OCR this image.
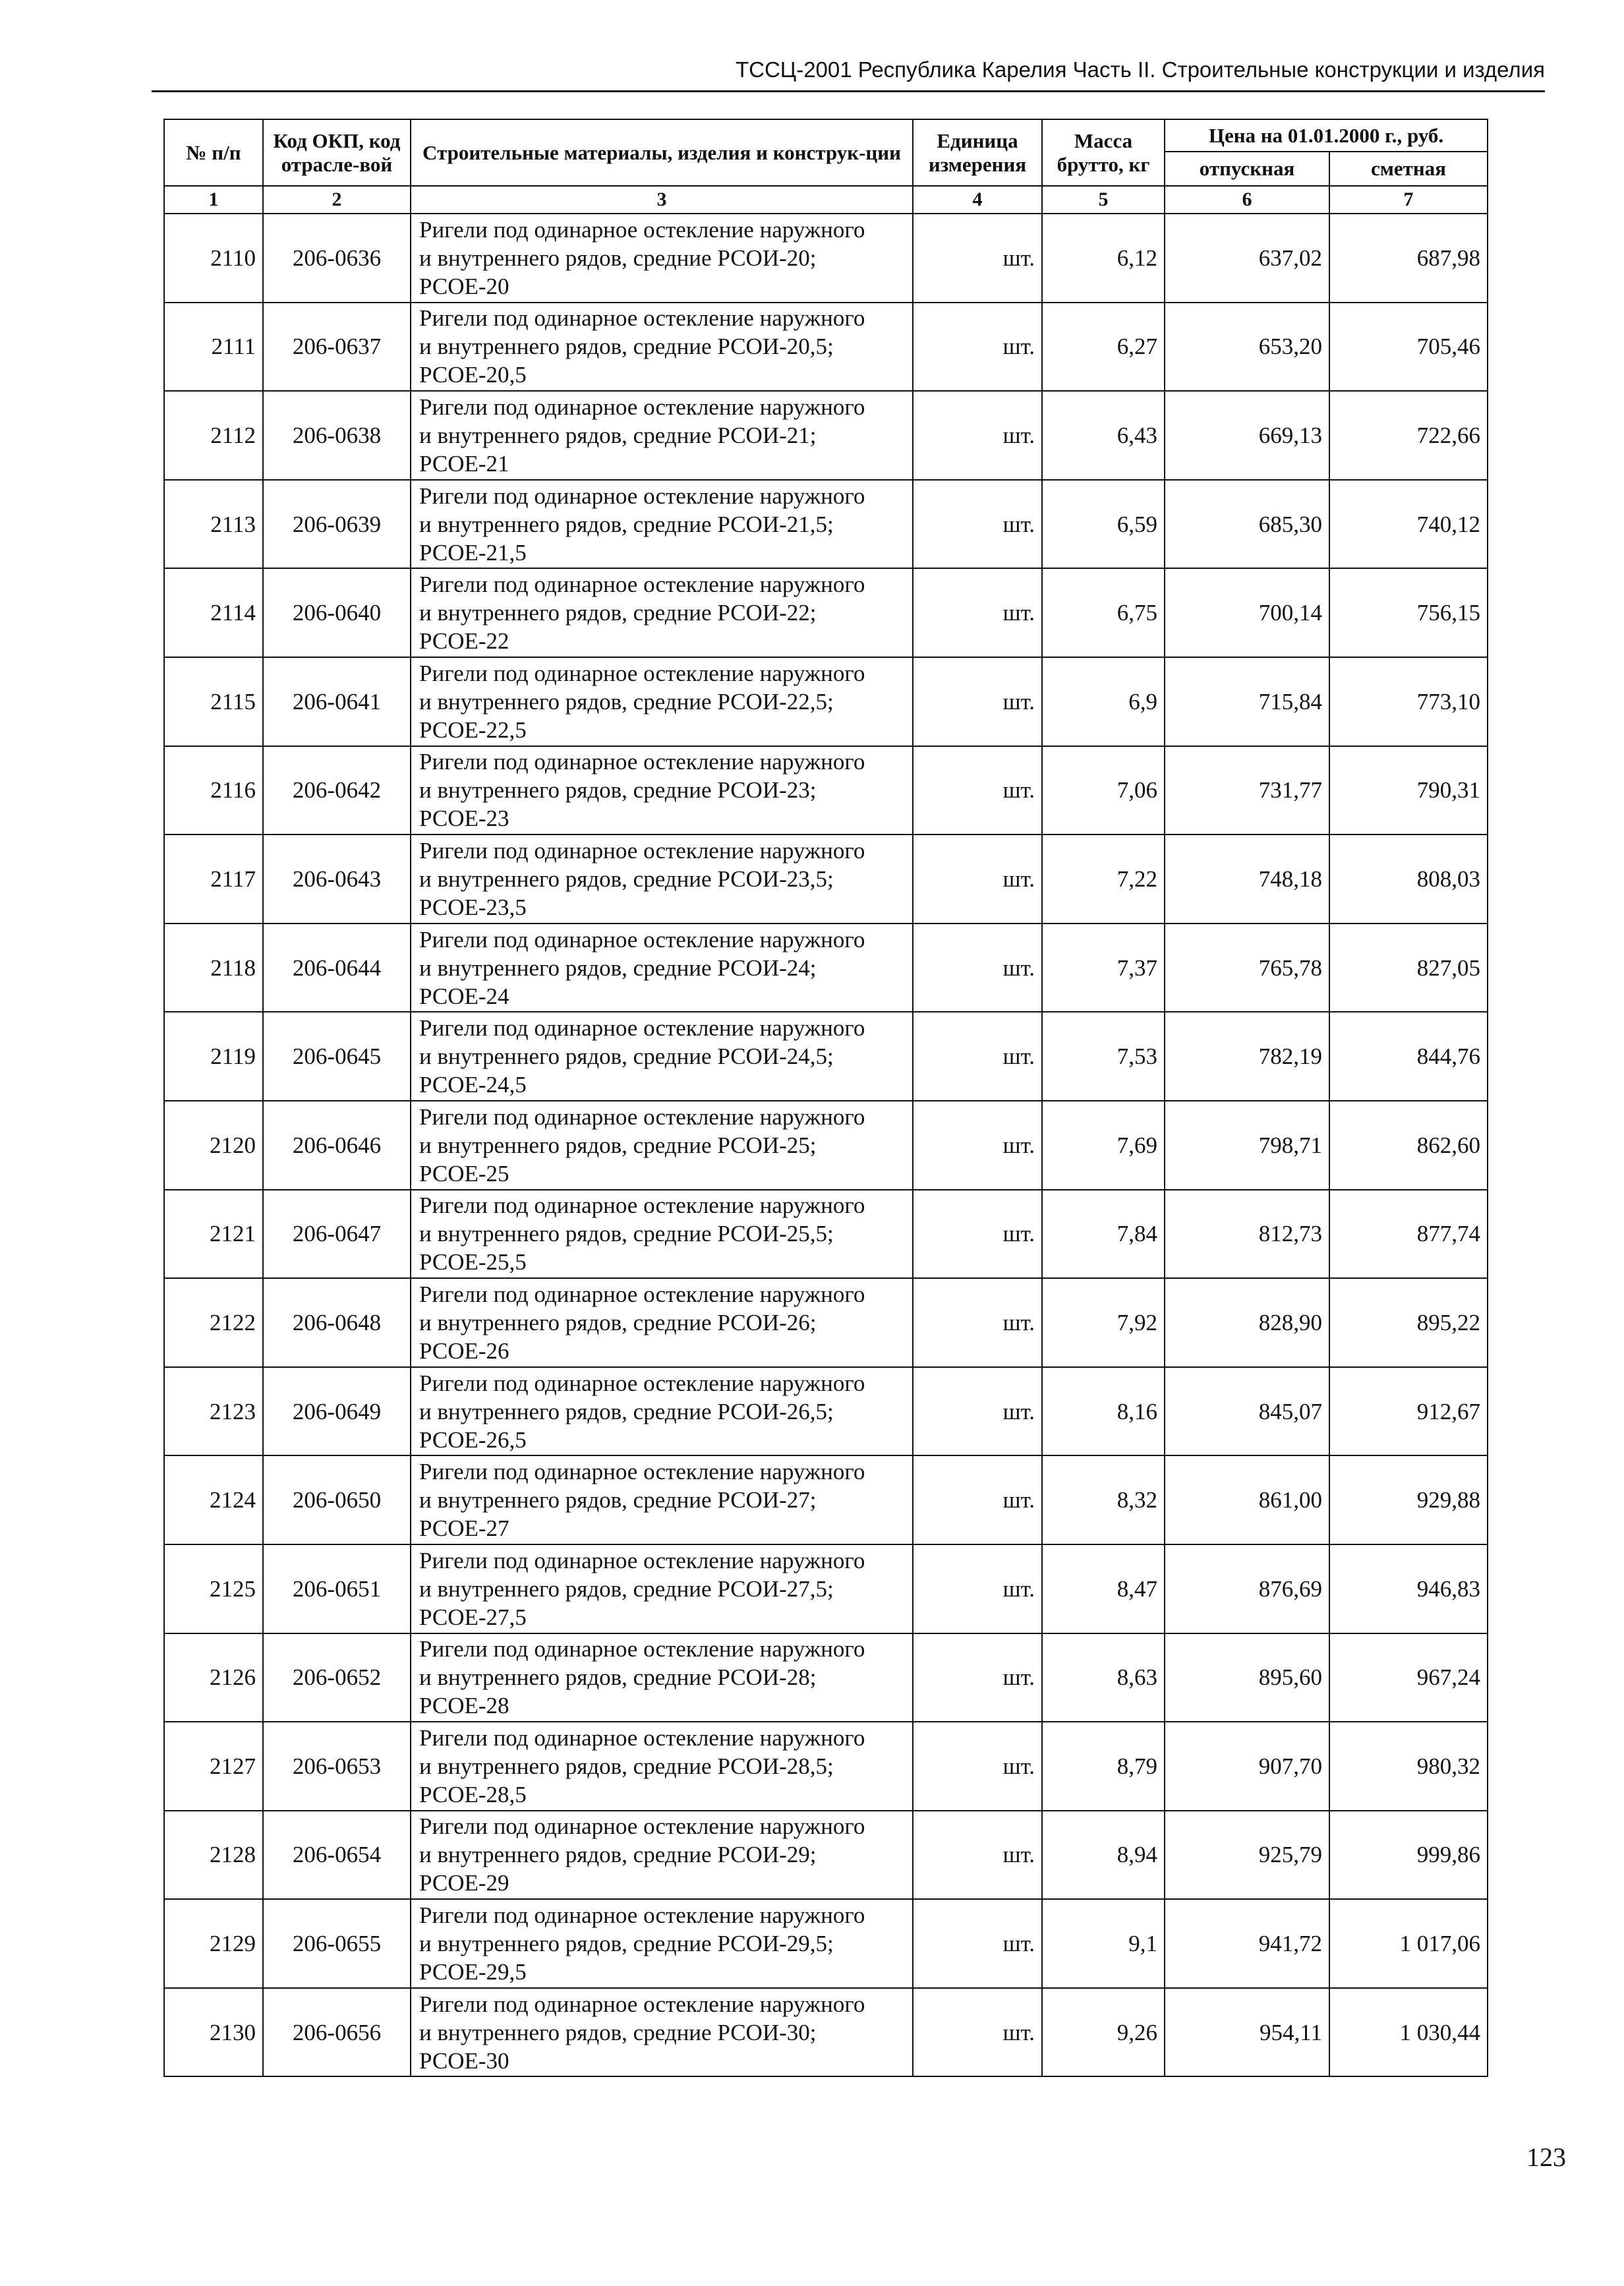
ТССЦ-2001 Республика Карелия Часть II. Строительные конструкции и изделия
№ п/п	Код ОКП, код отрасле-вой	Строительные материалы, изделия и конструк-ции	Единица измерения	Масса брутто, кг	Цена на 01.01.2000 г., руб.	
					отпускная	сметная
1	2	3	4	5	6	7
2110	206-0636	Ригели под одинарное остекление наружного
и внутреннего рядов, средние РСОИ-20;
РСОЕ-20	шт.	6,12	637,02	687,98
2111	206-0637	Ригели под одинарное остекление наружного
и внутреннего рядов, средние РСОИ-20,5;
РСОЕ-20,5	шт.	6,27	653,20	705,46
2112	206-0638	Ригели под одинарное остекление наружного
и внутреннего рядов, средние РСОИ-21;
РСОЕ-21	шт.	6,43	669,13	722,66
2113	206-0639	Ригели под одинарное остекление наружного
и внутреннего рядов, средние РСОИ-21,5;
РСОЕ-21,5	шт.	6,59	685,30	740,12
2114	206-0640	Ригели под одинарное остекление наружного
и внутреннего рядов, средние РСОИ-22;
РСОЕ-22	шт.	6,75	700,14	756,15
2115	206-0641	Ригели под одинарное остекление наружного
и внутреннего рядов, средние РСОИ-22,5;
РСОЕ-22,5	шт.	6,9	715,84	773,10
2116	206-0642	Ригели под одинарное остекление наружного
и внутреннего рядов, средние РСОИ-23;
РСОЕ-23	шт.	7,06	731,77	790,31
2117	206-0643	Ригели под одинарное остекление наружного
и внутреннего рядов, средние РСОИ-23,5;
РСОЕ-23,5	шт.	7,22	748,18	808,03
2118	206-0644	Ригели под одинарное остекление наружного
и внутреннего рядов, средние РСОИ-24;
РСОЕ-24	шт.	7,37	765,78	827,05
2119	206-0645	Ригели под одинарное остекление наружного
и внутреннего рядов, средние РСОИ-24,5;
РСОЕ-24,5	шт.	7,53	782,19	844,76
2120	206-0646	Ригели под одинарное остекление наружного
и внутреннего рядов, средние РСОИ-25;
РСОЕ-25	шт.	7,69	798,71	862,60
2121	206-0647	Ригели под одинарное остекление наружного
и внутреннего рядов, средние РСОИ-25,5;
РСОЕ-25,5	шт.	7,84	812,73	877,74
2122	206-0648	Ригели под одинарное остекление наружного
и внутреннего рядов, средние РСОИ-26;
РСОЕ-26	шт.	7,92	828,90	895,22
2123	206-0649	Ригели под одинарное остекление наружного
и внутреннего рядов, средние РСОИ-26,5;
РСОЕ-26,5	шт.	8,16	845,07	912,67
2124	206-0650	Ригели под одинарное остекление наружного
и внутреннего рядов, средние РСОИ-27;
РСОЕ-27	шт.	8,32	861,00	929,88
2125	206-0651	Ригели под одинарное остекление наружного
и внутреннего рядов, средние РСОИ-27,5;
РСОЕ-27,5	шт.	8,47	876,69	946,83
2126	206-0652	Ригели под одинарное остекление наружного
и внутреннего рядов, средние РСОИ-28;
РСОЕ-28	шт.	8,63	895,60	967,24
2127	206-0653	Ригели под одинарное остекление наружного
и внутреннего рядов, средние РСОИ-28,5;
РСОЕ-28,5	шт.	8,79	907,70	980,32
2128	206-0654	Ригели под одинарное остекление наружного
и внутреннего рядов, средние РСОИ-29;
РСОЕ-29	шт.	8,94	925,79	999,86
2129	206-0655	Ригели под одинарное остекление наружного
и внутреннего рядов, средние РСОИ-29,5;
РСОЕ-29,5	шт.	9,1	941,72	1 017,06
2130	206-0656	Ригели под одинарное остекление наружного
и внутреннего рядов, средние РСОИ-30;
РСОЕ-30	шт.	9,26	954,11	1 030,44
123
